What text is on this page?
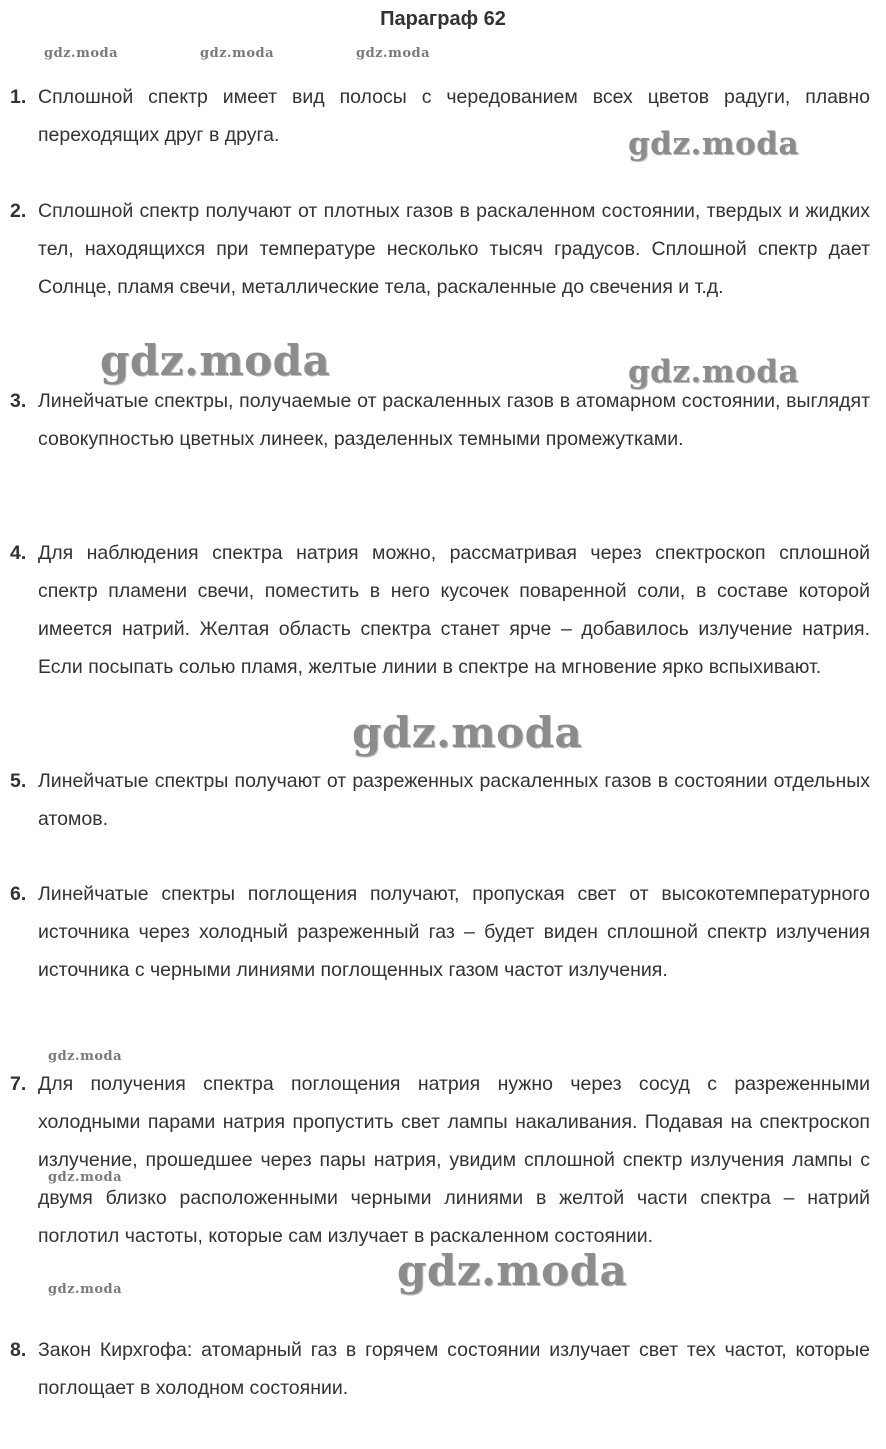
Параграф 62
gdz.moda	gdz.moda	gdz.moda
gdz.moda
gdz.moda	gdz.moda
gdz.moda
gdz.moda
gdz.moda
gdz.moda
gdz.moda
1. Сплошной спектр имеет вид полосы с чередованием всех цветов радуги, плавно переходящих друг в друга.
2. Сплошной спектр получают от плотных газов в раскаленном состоянии, твердых и жидких тел, находящихся при температуре несколько тысяч градусов. Сплошной спектр дает Солнце, пламя свечи, металлические тела, раскаленные до свечения и т.д.
3. Линейчатые спектры, получаемые от раскаленных газов в атомарном состоянии, выглядят совокупностью цветных линеек, разделенных темными промежутками.
4. Для наблюдения спектра натрия можно, рассматривая через спектроскоп сплошной спектр пламени свечи, поместить в него кусочек поваренной соли, в составе которой имеется натрий. Желтая область спектра станет ярче – добавилось излучение натрия. Если посыпать солью пламя, желтые линии в спектре на мгновение ярко вспыхивают.
5. Линейчатые спектры получают от разреженных раскаленных газов в состоянии отдельных атомов.
6. Линейчатые спектры поглощения получают, пропуская свет от высокотемпературного источника через холодный разреженный газ – будет виден сплошной спектр излучения источника с черными линиями поглощенных газом частот излучения.
7. Для получения спектра поглощения натрия нужно через сосуд с разреженными холодными парами натрия пропустить свет лампы накаливания. Подавая на спектроскоп излучение, прошедшее через пары натрия, увидим сплошной спектр излучения лампы с двумя близко расположенными черными линиями в желтой части спектра – натрий поглотил частоты, которые сам излучает в раскаленном состоянии.
8. Закон Кирхгофа: атомарный газ в горячем состоянии излучает свет тех частот, которые поглощает в холодном состоянии.
